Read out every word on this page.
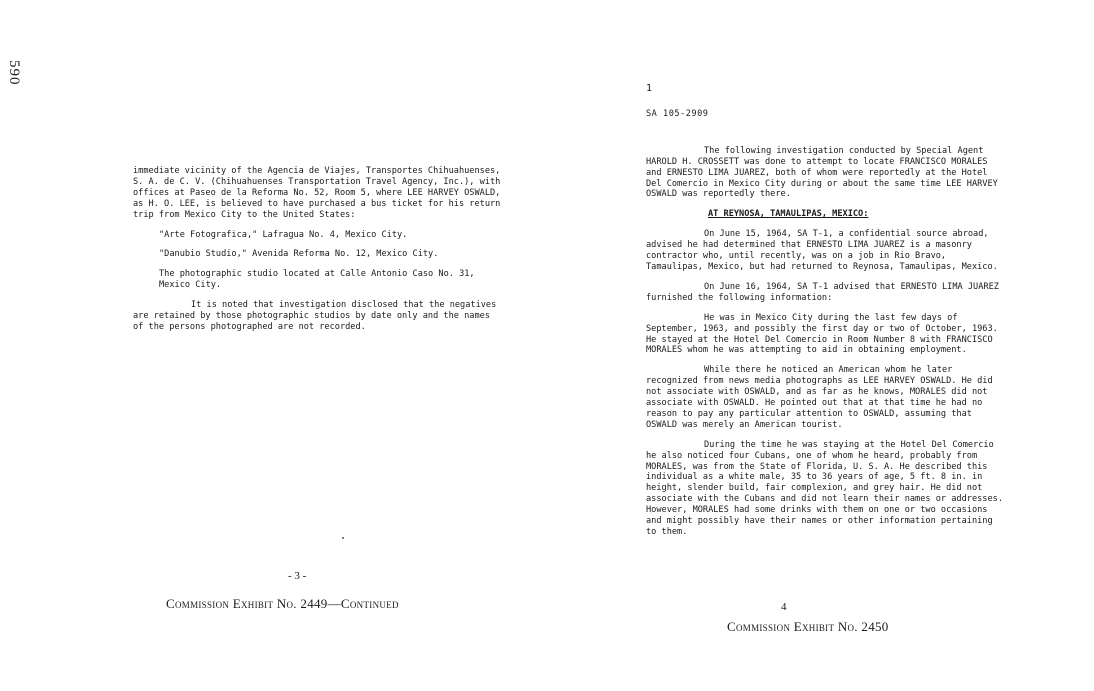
590

immediate vicinity of the Agencia de Viajes, Transportes Chihuahuenses, S. A. de C. V. (Chihuahuenses Transportation Travel Agency, Inc.), with offices at Paseo de la Reforma No. 52, Room 5, where LEE HARVEY OSWALD, as H. O. LEE, is believed to have purchased a bus ticket for his return trip from Mexico City to the United States:

"Arte Fotografica," Lafragua No. 4, Mexico City.

"Danubio Studio," Avenida Reforma No. 12, Mexico City.

The photographic studio located at Calle Antonio Caso No. 31, Mexico City.

It is noted that investigation disclosed that the negatives are retained by those photographic studios by date only and the names of the persons photographed are not recorded.

- 3 -
Commission Exhibit No. 2449—Continued
1
SA 105-2909

The following investigation conducted by Special Agent HAROLD H. CROSSETT was done to attempt to locate FRANCISCO MORALES and ERNESTO LIMA JUAREZ, both of whom were reportedly at the Hotel Del Comercio in Mexico City during or about the same time LEE HARVEY OSWALD was reportedly there.

AT REYNOSA, TAMAULIPAS, MEXICO:

On June 15, 1964, SA T-1, a confidential source abroad, advised he had determined that ERNESTO LIMA JUAREZ is a masonry contractor who, until recently, was on a job in Rio Bravo, Tamaulipas, Mexico, but had returned to Reynosa, Tamaulipas, Mexico.

On June 16, 1964, SA T-1 advised that ERNESTO LIMA JUAREZ furnished the following information:

He was in Mexico City during the last few days of September, 1963, and possibly the first day or two of October, 1963. He stayed at the Hotel Del Comercio in Room Number 8 with FRANCISCO MORALES whom he was attempting to aid in obtaining employment.

While there he noticed an American whom he later recognized from news media photographs as LEE HARVEY OSWALD. He did not associate with OSWALD, and as far as he knows, MORALES did not associate with OSWALD. He pointed out that at that time he had no reason to pay any particular attention to OSWALD, assuming that OSWALD was merely an American tourist.

During the time he was staying at the Hotel Del Comercio he also noticed four Cubans, one of whom he heard, probably from MORALES, was from the State of Florida, U. S. A. He described this individual as a white male, 35 to 36 years of age, 5 ft. 8 in. in height, slender build, fair complexion, and grey hair. He did not associate with the Cubans and did not learn their names or addresses. However, MORALES had some drinks with them on one or two occasions and might possibly have their names or other information pertaining to them.

4
Commission Exhibit No. 2450
